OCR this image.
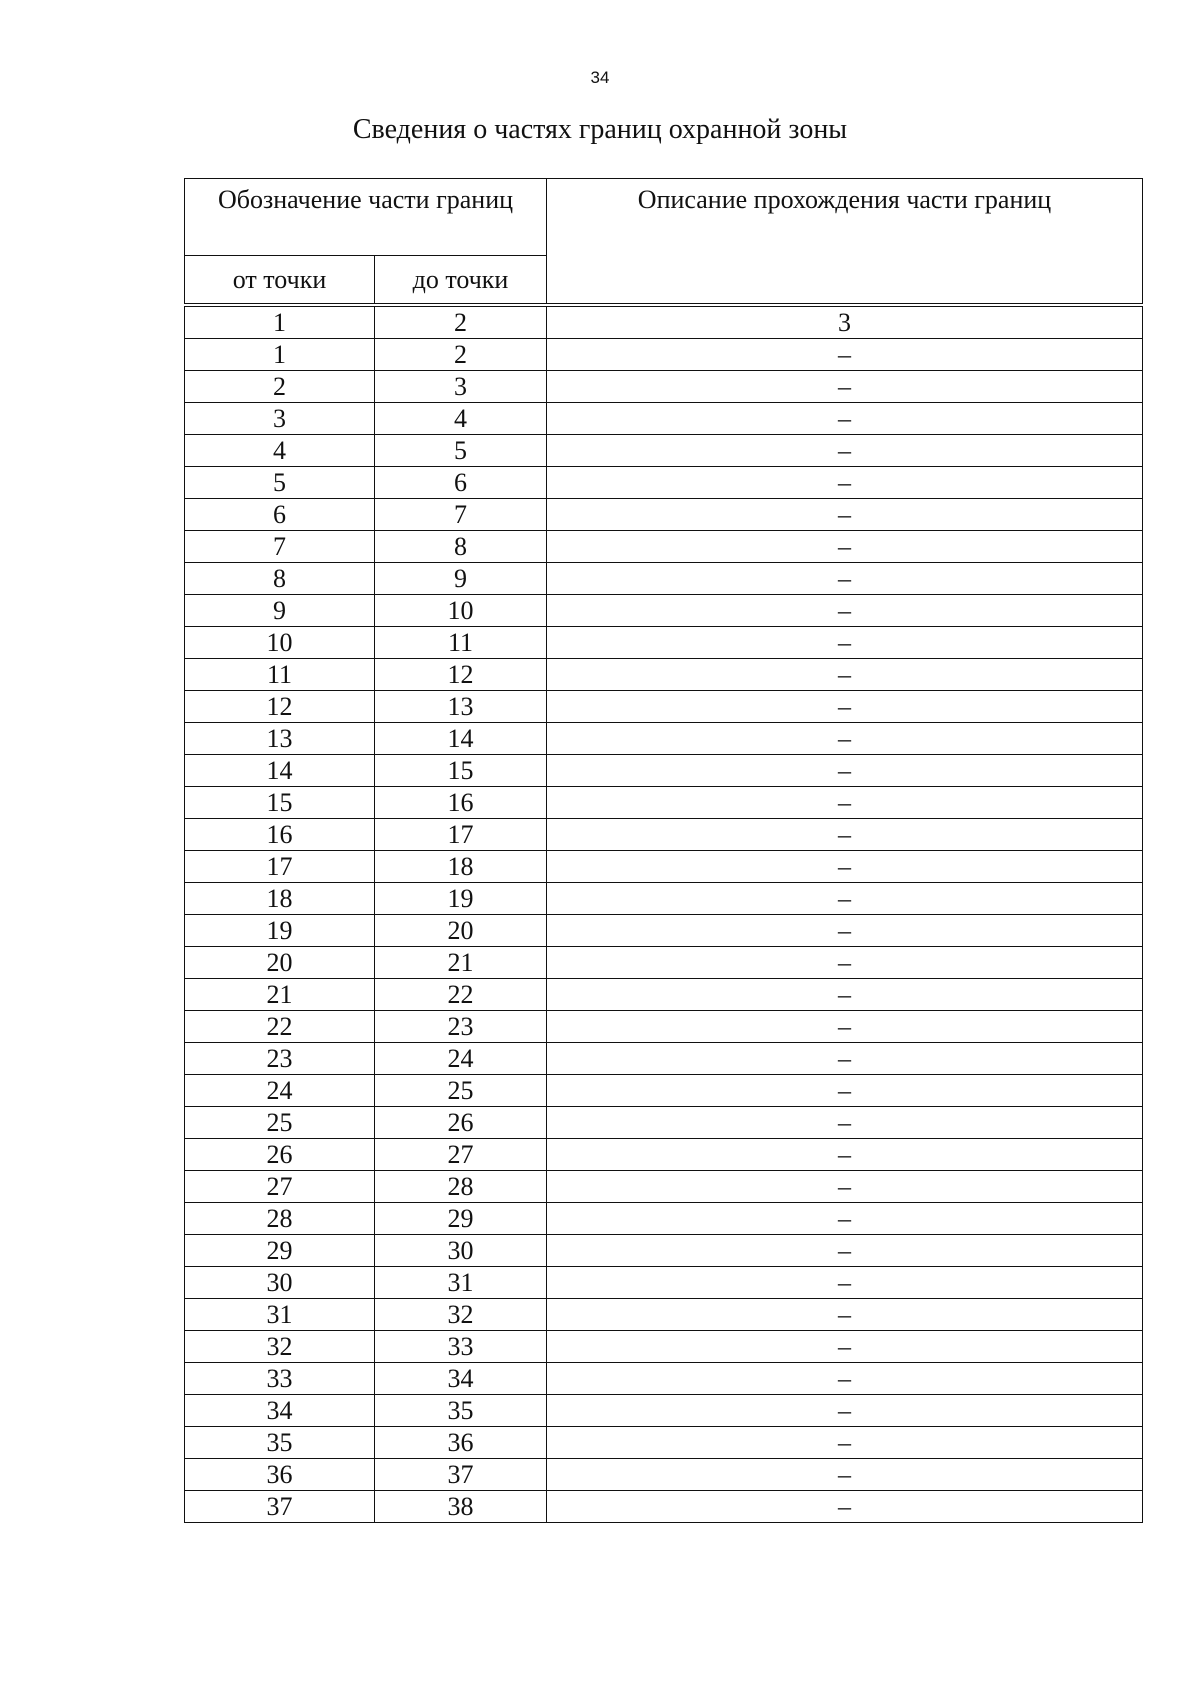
34
Сведения о частях границ охранной зоны
Обозначение части границ		Описание прохождения части границ
от точки	до точки	

1	2	3
1	2	–
2	3	–
3	4	–
4	5	–
5	6	–
6	7	–
7	8	–
8	9	–
9	10	–
10	11	–
11	12	–
12	13	–
13	14	–
14	15	–
15	16	–
16	17	–
17	18	–
18	19	–
19	20	–
20	21	–
21	22	–
22	23	–
23	24	–
24	25	–
25	26	–
26	27	–
27	28	–
28	29	–
29	30	–
30	31	–
31	32	–
32	33	–
33	34	–
34	35	–
35	36	–
36	37	–
37	38	–
